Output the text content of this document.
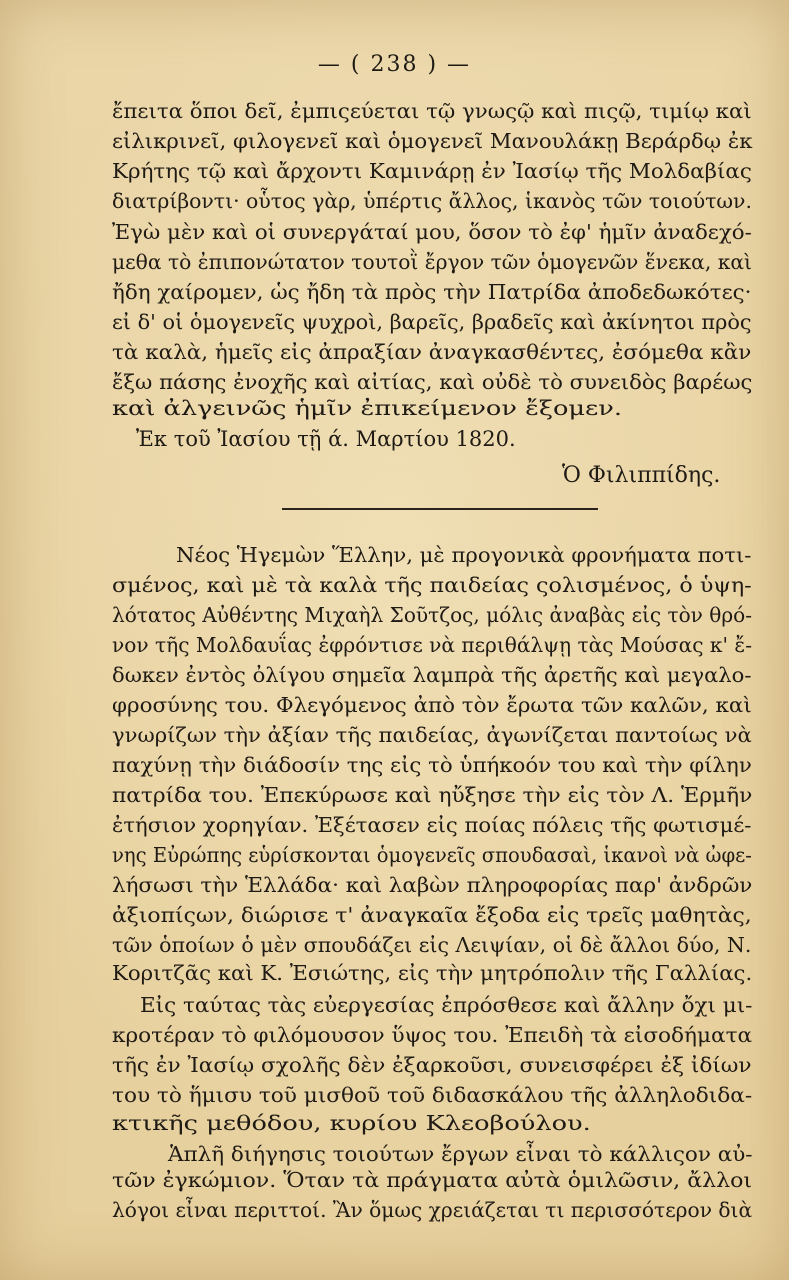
— ( 238 ) —
ἔπειτα ὅποι δεῖ, ἐμπιςεύεται τῷ γνωςῷ καὶ πιςῷ, τιμίῳ καὶ
εἰλικρινεῖ, φιλογενεῖ καὶ ὁμογενεῖ Μανουλάκῃ Βεράρδῳ ἐκ
Κρήτης τῷ καὶ ἄρχοντι Καμινάρῃ ἐν Ἰασίῳ τῆς Μολδαβίας
διατρίβοντι· οὗτος γὰρ, ὑπέρτις ἄλλος, ἱκανὸς τῶν τοιούτων.
Ἐγὼ μὲν καὶ οἱ συνεργάταί μου, ὅσον τὸ ἐφ' ἡμῖν ἀναδεχό-
μεθα τὸ ἐπιπονώτατον τουτοῒ ἔργον τῶν ὁμογενῶν ἕνεκα, καὶ
ἤδη χαίρομεν, ὡς ἤδη τὰ πρὸς τὴν Πατρίδα ἀποδεδωκότες·
εἰ δ' οἱ ὁμογενεῖς ψυχροὶ, βαρεῖς, βραδεῖς καὶ ἀκίνητοι πρὸς
τὰ καλὰ, ἡμεῖς εἰς ἀπραξίαν ἀναγκασθέντες, ἐσόμεθα κἂν
ἔξω πάσης ἐνοχῆς καὶ αἰτίας, καὶ οὐδὲ τὸ συνειδὸς βαρέως
καὶ ἀλγεινῶς ἡμῖν ἐπικείμενον ἔξομεν.
Ἐκ τοῦ Ἰασίου τῇ ά. Μαρτίου 1820.
Ὁ Φιλιππίδης.
Νέος Ἡγεμὼν Ἕλλην, μὲ προγονικὰ φρονήματα ποτι-
σμένος, καὶ μὲ τὰ καλὰ τῆς παιδείας ςολισμένος, ὁ ὑψη-
λότατος Αὐθέντης Μιχαὴλ Σοῦτζος, μόλις ἀναβὰς εἰς τὸν θρό-
νον τῆς Μολδαυΐας ἐφρόντισε νὰ περιθάλψῃ τὰς Μούσας κ' ἔ-
δωκεν ἐντὸς ὀλίγου σημεῖα λαμπρὰ τῆς ἀρετῆς καὶ μεγαλο-
φροσύνης του. Φλεγόμενος ἀπὸ τὸν ἔρωτα τῶν καλῶν, καὶ
γνωρίζων τὴν ἀξίαν τῆς παιδείας, ἀγωνίζεται παντοίως νὰ
παχύνῃ τὴν διάδοσίν της εἰς τὸ ὑπήκοόν του καὶ τὴν φίλην
πατρίδα του. Ἐπεκύρωσε καὶ ηὔξησε τὴν εἰς τὸν Λ. Ἑρμῆν
ἐτήσιον χορηγίαν. Ἐξέτασεν εἰς ποίας πόλεις τῆς φωτισμέ-
νης Εὐρώπης εὑρίσκονται ὁμογενεῖς σπουδασαὶ, ἱκανοὶ νὰ ὠφε-
λήσωσι τὴν Ἑλλάδα· καὶ λαβὼν πληροφορίας παρ' ἀνδρῶν
ἀξιοπίςων, διώρισε τ' ἀναγκαῖα ἔξοδα εἰς τρεῖς μαθητὰς,
τῶν ὁποίων ὁ μὲν σπουδάζει εἰς Λειψίαν, οἱ δὲ ἄλλοι δύο, Ν.
Κοριτζᾶς καὶ Κ. Ἐσιώτης, εἰς τὴν μητρόπολιν τῆς Γαλλίας.
Εἰς ταύτας τὰς εὐεργεσίας ἐπρόσθεσε καὶ ἄλλην ὄχι μι-
κροτέραν τὸ φιλόμουσον ὕψος του. Ἐπειδὴ τὰ εἰσοδήματα
τῆς ἐν Ἰασίῳ σχολῆς δὲν ἐξαρκοῦσι, συνεισφέρει ἐξ ἰδίων
του τὸ ἥμισυ τοῦ μισθοῦ τοῦ διδασκάλου τῆς ἀλληλοδιδα-
κτικῆς μεθόδου, κυρίου Κλεοβούλου.
Ἁπλῆ διήγησις τοιούτων ἔργων εἶναι τὸ κάλλιςον αὐ-
τῶν ἐγκώμιον. Ὅταν τὰ πράγματα αὐτὰ ὁμιλῶσιν, ἄλλοι
λόγοι εἶναι περιττοί. Ἂν ὅμως χρειάζεται τι περισσότερον διὰ
